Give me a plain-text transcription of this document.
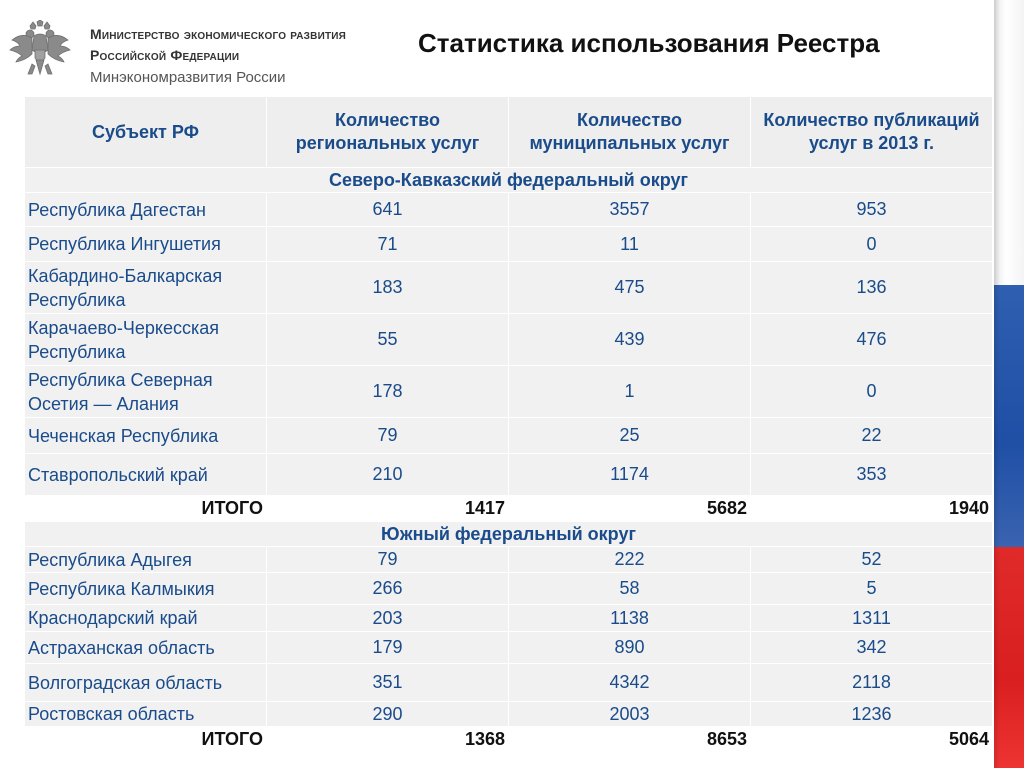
Министерство экономического развития
Российской Федерации
Минэкономразвития России
Статистика использования Реестра
Субъект РФ	Количество региональных услуг	Количество муниципальных услуг	Количество публикаций услуг в 2013 г.
Северо-Кавказский федеральный округ			
Республика Дагестан	641	3557	953
Республика Ингушетия	71	11	0
Кабардино-Балкарская Республика	183	475	136
Карачаево-Черкесская Республика	55	439	476
Республика Северная Осетия — Алания	178	1	0
Чеченская Республика	79	25	22
Ставропольский край	210	1174	353
ИТОГО	1417	5682	1940
Южный федеральный округ			
Республика Адыгея	79	222	52
Республика Калмыкия	266	58	5
Краснодарский край	203	1138	1311
Астраханская область	179	890	342
Волгоградская область	351	4342	2118
Ростовская область	290	2003	1236
ИТОГО	1368	8653	5064
